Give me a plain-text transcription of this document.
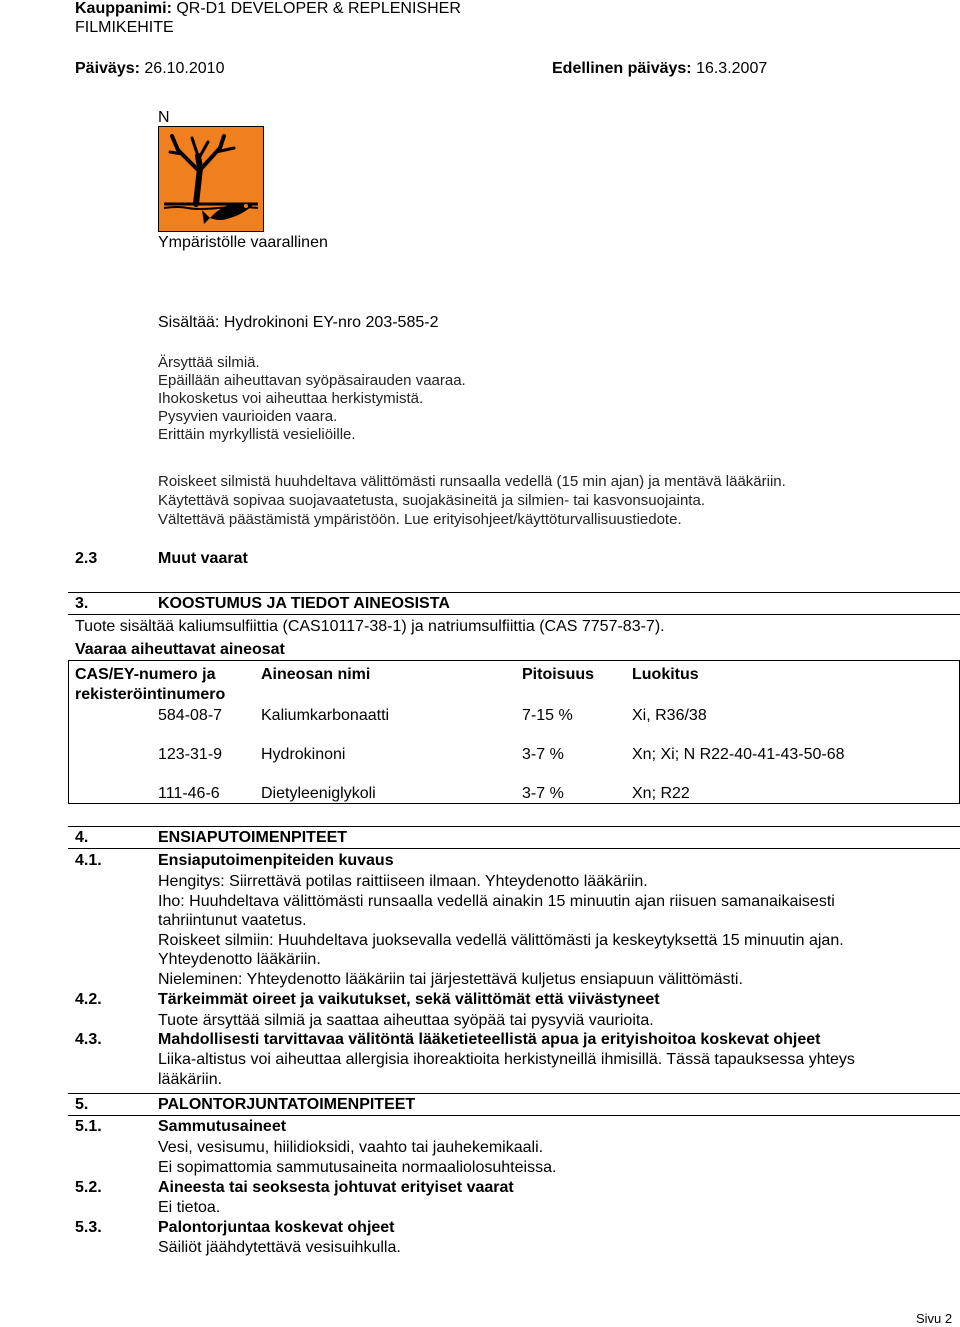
Kauppanimi: QR-D1 DEVELOPER & REPLENISHER
FILMIKEHITE
Päiväys: 26.10.2010	Edellinen päiväys: 16.3.2007
N
Ympäristölle vaarallinen
Sisältää: Hydrokinoni EY-nro 203-585-2
Ärsyttää silmiä.
Epäillään aiheuttavan syöpäsairauden vaaraa.
Ihokosketus voi aiheuttaa herkistymistä.
Pysyvien vaurioiden vaara.
Erittäin myrkyllistä vesieliöille.
Roiskeet silmistä huuhdeltava välittömästi runsaalla vedellä (15 min ajan) ja mentävä lääkäriin.
Käytettävä sopivaa suojavaatetusta, suojakäsineitä ja silmien- tai kasvonsuojainta.
Vältettävä päästämistä ympäristöön. Lue erityisohjeet/käyttöturvallisuustiedote.
2.3	Muut vaarat
3.	KOOSTUMUS JA TIEDOT AINEOSISTA
Tuote sisältää kaliumsulfiittia (CAS10117-38-1) ja natriumsulfiittia (CAS 7757-83-7).
Vaaraa aiheuttavat aineosat
CAS/EY-numero ja
rekisteröintinumero
Aineosan nimi	Pitoisuus Luokitus
584-08-7 Kaliumkarbonaatti	7-15 %	Xi, R36/38
123-31-9 Hydrokinoni	3-7 %	Xn; Xi; N R22-40-41-43-50-68
111-46-6	Dietyleeniglykoli	3-7 %	Xn; R22
4.	ENSIAPUTOIMENPITEET
4.1.	Ensiaputoimenpiteiden kuvaus
Hengitys: Siirrettävä potilas raittiiseen ilmaan. Yhteydenotto lääkäriin.
Iho: Huuhdeltava välittömästi runsaalla vedellä ainakin 15 minuutin ajan riisuen samanaikaisesti
tahriintunut vaatetus.
Roiskeet silmiin: Huuhdeltava juoksevalla vedellä välittömästi ja keskeytyksettä 15 minuutin ajan.
Yhteydenotto lääkäriin.
Nieleminen: Yhteydenotto lääkäriin tai järjestettävä kuljetus ensiapuun välittömästi.
4.2.	Tärkeimmät oireet ja vaikutukset, sekä välittömät että viivästyneet
Tuote ärsyttää silmiä ja saattaa aiheuttaa syöpää tai pysyviä vaurioita.
4.3.	Mahdollisesti tarvittavaa välitöntä lääketieteellistä apua ja erityishoitoa koskevat ohjeet
Liika-altistus voi aiheuttaa allergisia ihoreaktioita herkistyneillä ihmisillä. Tässä tapauksessa yhteys
lääkäriin.
5.	PALONTORJUNTATOIMENPITEET
5.1.	Sammutusaineet
Vesi, vesisumu, hiilidioksidi, vaahto tai jauhekemikaali.
Ei sopimattomia sammutusaineita normaaliolosuhteissa.
5.2.	Aineesta tai seoksesta johtuvat erityiset vaarat
Ei tietoa.
5.3.	Palontorjuntaa koskevat ohjeet
Säiliöt jäähdytettävä vesisuihkulla.
Sivu 2
